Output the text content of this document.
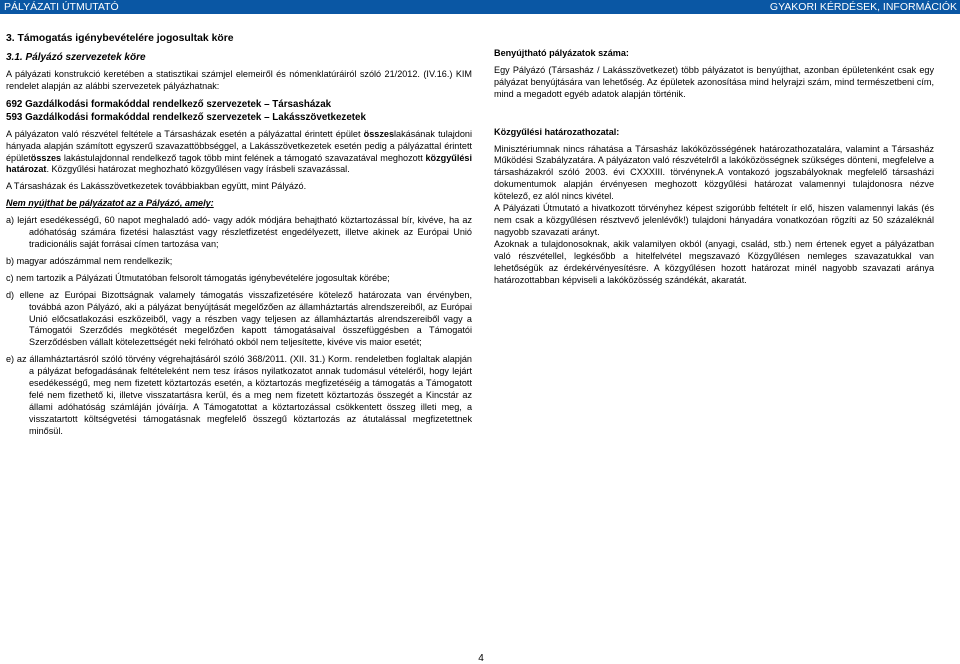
PÁLYÁZATI ÚTMUTATÓ	GYAKORI KÉRDÉSEK, INFORMÁCIÓK

3. Támogatás igénybevételére jogosultak köre

3.1. Pályázó szervezetek köre

A pályázati konstrukció keretében a statisztikai számjel elemeiről és nómenklatúráiról szóló 21/2012. (IV.16.) KIM rendelet alapján az alábbi szervezetek pályázhatnak:

692 Gazdálkodási formakóddal rendelkező szervezetek – Társasházak

593 Gazdálkodási formakóddal rendelkező szervezetek – Lakásszövetkezetek

A pályázaton való részvétel feltétele a Társasházak esetén a pályázattal érintett épület összeslakásának tulajdoni hányada alapján számított egyszerű szavazattöbbséggel, a Lakásszövetkezetek esetén pedig a pályázattal érintett épületösszes lakástulajdonnal rendelkező tagok több mint felének a támogató szavazatával meghozott közgyűlési határozat. Közgyűlési határozat meghozható közgyűlésen vagy írásbeli szavazással.

A Társasházak és Lakásszövetkezetek továbbiakban együtt, mint Pályázó.

Nem nyújthat be pályázatot az a Pályázó, amely:

a) lejárt esedékességű, 60 napot meghaladó adó- vagy adók módjára behajtható köztartozással bír, kivéve, ha az adóhatóság számára fizetési halasztást vagy részletfizetést engedélyezett, illetve akinek az Európai Unió tradicionális saját forrásai címen tartozása van;

b) magyar adószámmal nem rendelkezik;

c) nem tartozik a Pályázati Útmutatóban felsorolt támogatás igénybevételére jogosultak körébe;

d) ellene az Európai Bizottságnak valamely támogatás visszafizetésére kötelező határozata van érvényben, továbbá azon Pályázó, aki a pályázat benyújtását megelőzően az államháztartás alrendszereiből, az Európai Unió előcsatlakozási eszközeiből, vagy a részben vagy teljesen az államháztartás alrendszereiből vagy a Támogatói Szerződés megkötését megelőzően kapott támogatásaival összefüggésben a Támogatói Szerződésben vállalt kötelezettségét neki felróható okból nem teljesítette, kivéve vis maior esetét;

e) az államháztartásról szóló törvény végrehajtásáról szóló 368/2011. (XII. 31.) Korm. rendeletben foglaltak alapján a pályázat befogadásának feltételeként nem tesz írásos nyilatkozatot annak tudomásul vételéről, hogy lejárt esedékességű, meg nem fizetett köztartozás esetén, a köztartozás megfizetéséig a támogatás a Támogatott felé nem fizethető ki, illetve visszatartásra kerül, és a meg nem fizetett köztartozás összegét a Kincstár az állami adóhatóság számláján jóváírja. A Támogatottat a köztartozással csökkentett összeg illeti meg, a visszatartott költségvetési támogatásnak megfelelő összegű köztartozás az átutalással megfizetettnek minősül.

Benyújtható pályázatok száma:

Egy Pályázó (Társasház / Lakásszövetkezet) több pályázatot is benyújthat, azonban épületenként csak egy pályázat benyújtására van lehetőség. Az épületek azonosítása mind helyrajzi szám, mind természetbeni cím, mind a megadott egyéb adatok alapján történik.

Közgyűlési határozathozatal:

Minisztériumnak nincs ráhatása a Társasház lakóközösségének határozathozatalára, valamint a Társasház Működési Szabályzatára. A pályázaton való részvételről a lakóközösségnek szükséges dönteni, megfelelve a társasházakról szóló 2003. évi CXXXIII. törvénynek.A vontakozó jogszabályoknak megfelelő társasházi dokumentumok alapján érvényesen meghozott közgyűlési határozat valamennyi tulajdonosra nézve kötelező, ez alól nincs kivétel.

A Pályázati Útmutató a hivatkozott törvényhez képest szigorúbb feltételt ír elő, hiszen valamennyi lakás (és nem csak a közgyűlésen résztvevő jelenlévők!) tulajdoni hányadára vonatkozóan rögzíti az 50 százaléknál nagyobb szavazati arányt.

Azoknak a tulajdonosoknak, akik valamilyen okból (anyagi, család, stb.) nem értenek egyet a pályázatban való részvétellel, legkésőbb a hitelfelvétel megszavazó Közgyűlésen nemleges szavazatukkal van lehetőségük az érdekérvényesítésre. A közgyűlésen hozott határozat minél nagyobb szavazati aránya határozottabban képviseli a lakóközösség szándékát, akaratát.

4
